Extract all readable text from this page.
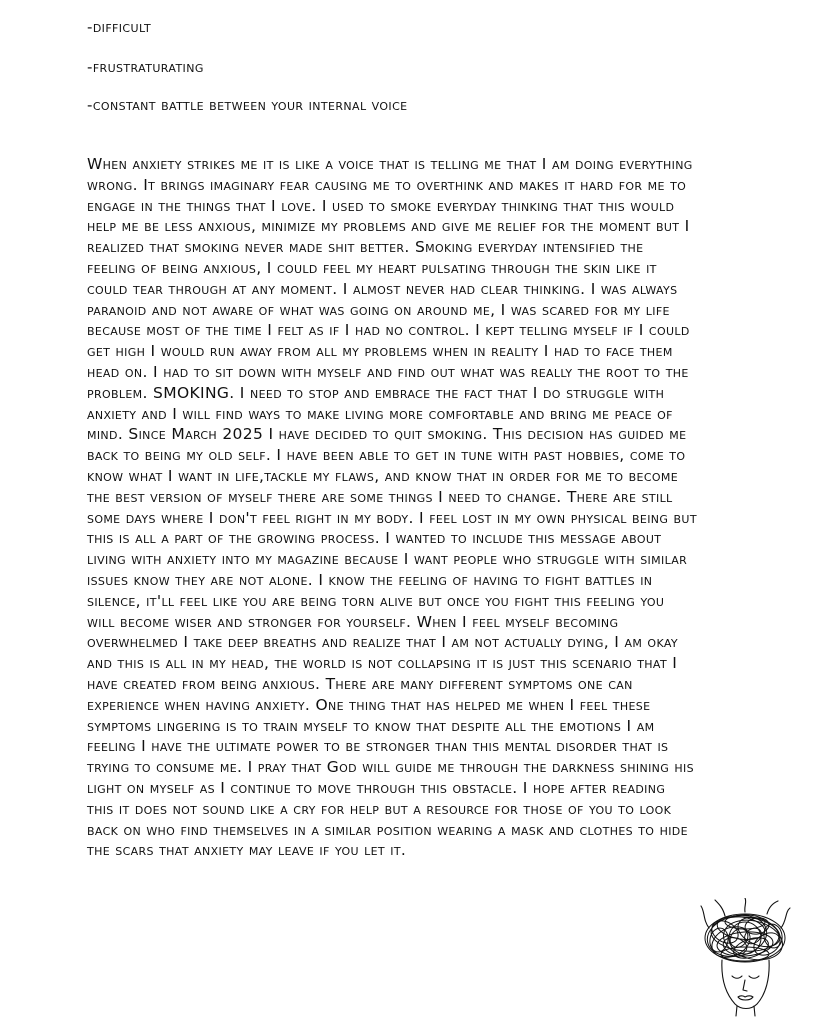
-difficult
-frustraturating
-constant battle between your internal voice

When anxiety strikes me it is like a voice that is telling me that I am doing everything wrong. It brings imaginary fear causing me to overthink and makes it hard for me to engage in the things that I love. I used to smoke everyday thinking that this would help me be less anxious, minimize my problems and give me relief for the moment but I realized that smoking never made shit better. Smoking everyday intensified the feeling of being anxious, I could feel my heart pulsating through the skin like it could tear through at any moment. I almost never had clear thinking. I was always paranoid and not aware of what was going on around me, I was scared for my life because most of the time I felt as if I had no control. I kept telling myself if I could get high I would run away from all my problems when in reality I had to face them head on. I had to sit down with myself and find out what was really the root to the problem. SMOKING. I need to stop and embrace the fact that I do struggle with anxiety and I will find ways to make living more comfortable and bring me peace of mind. Since March 2025 I have decided to quit smoking. This decision has guided me back to being my old self. I have been able to get in tune with past hobbies, come to know what I want in life,tackle my flaws, and know that in order for me to become the best version of myself there are some things I need to change. There are still some days where I don't feel right in my body. I feel lost in my own physical being but this is all a part of the growing process. I wanted to include this message about living with anxiety into my magazine because I want people who struggle with similar issues know they are not alone. I know the feeling of having to fight battles in silence, it'll feel like you are being torn alive but once you fight this feeling you will become wiser and stronger for yourself. When I feel myself becoming overwhelmed I take deep breaths and realize that I am not actually dying, I am okay and this is all in my head, the world is not collapsing it is just this scenario that I have created from being anxious. There are many different symptoms one can experience when having anxiety. One thing that has helped me when I feel these symptoms lingering is to train myself to know that despite all the emotions I am feeling I have the ultimate power to be stronger than this mental disorder that is trying to consume me. I pray that God will guide me through the darkness shining his light on myself as I continue to move through this obstacle. I hope after reading this it does not sound like a cry for help but a resource for those of you to look back on who find themselves in a similar position wearing a mask and clothes to hide the scars that anxiety may leave if you let it.
